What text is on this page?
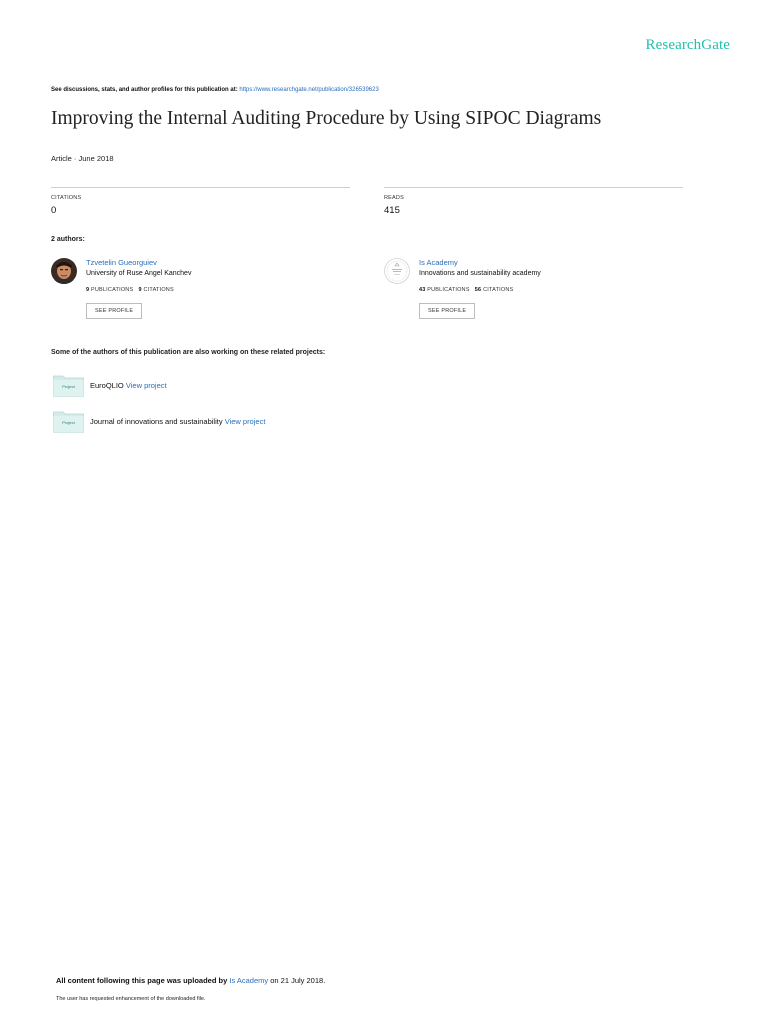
ResearchGate
See discussions, stats, and author profiles for this publication at: https://www.researchgate.net/publication/326539623
Improving the Internal Auditing Procedure by Using SIPOC Diagrams
Article · June 2018
CITATIONS
0
READS
415
2 authors:
Tzvetelin Gueorguiev
University of Ruse Angel Kanchev
9 PUBLICATIONS 9 CITATIONS
SEE PROFILE
Is Academy
Innovations and sustainability academy
43 PUBLICATIONS 56 CITATIONS
SEE PROFILE
Some of the authors of this publication are also working on these related projects:
Project	EuroQLIO View project
Project	Journal of innovations and sustainability View project
All content following this page was uploaded by Is Academy on 21 July 2018.
The user has requested enhancement of the downloaded file.
